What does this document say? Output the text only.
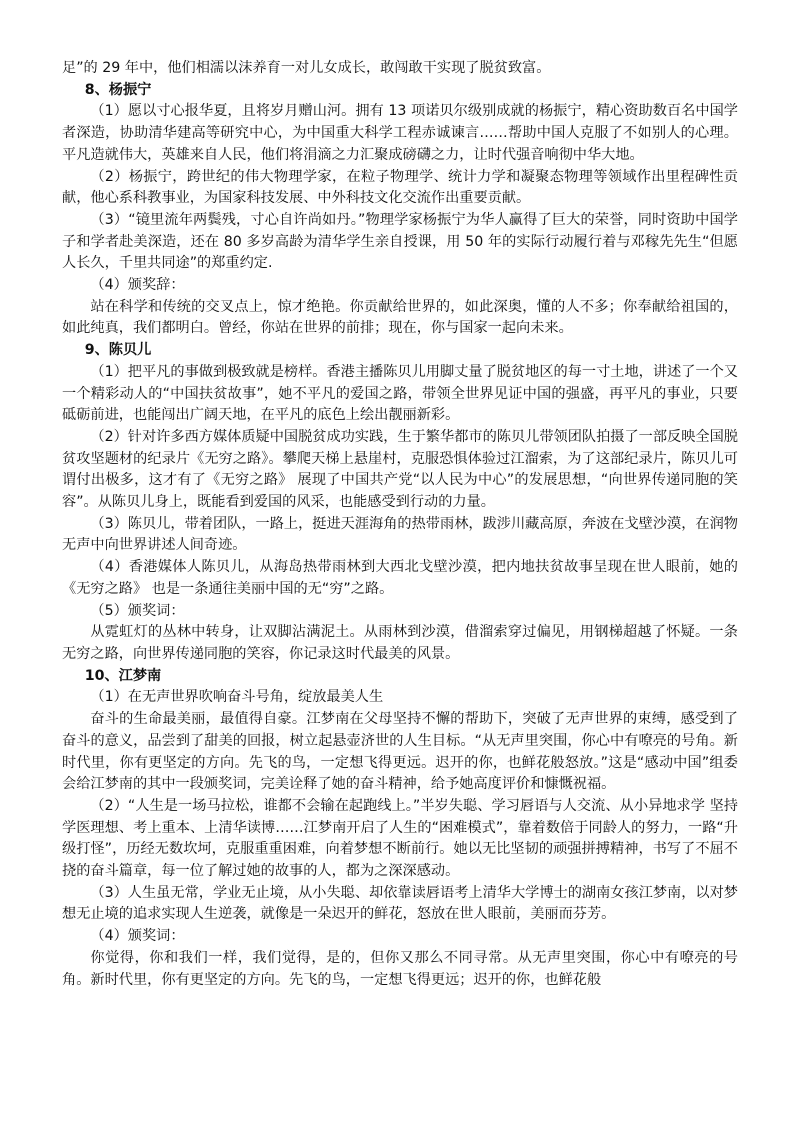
足”的 29 年中，他们相濡以沫养育一对儿女成长，敢闯敢干实现了脱贫致富。

8、杨振宁

（1）愿以寸心报华夏，且将岁月赠山河。拥有 13 项诺贝尔级别成就的杨振宁，精心资助数百名中国学者深造，协助清华建高等研究中心，为中国重大科学工程赤诚谏言……帮助中国人克服了不如别人的心理。平凡造就伟大，英雄来自人民，他们将涓滴之力汇聚成磅礴之力，让时代强音响彻中华大地。

（2）杨振宁，跨世纪的伟大物理学家，在粒子物理学、统计力学和凝聚态物理等领域作出里程碑性贡献，他心系科教事业，为国家科技发展、中外科技文化交流作出重要贡献。

（3）“镜里流年两鬓残，寸心自许尚如丹。”物理学家杨振宁为华人赢得了巨大的荣誉，同时资助中国学子和学者赴美深造，还在 80 多岁高龄为清华学生亲自授课，用 50 年的实际行动履行着与邓稼先先生“但愿人长久，千里共同途”的郑重约定.

（4）颁奖辞：

站在科学和传统的交叉点上，惊才绝艳。你贡献给世界的，如此深奥，懂的人不多；你奉献给祖国的，如此纯真，我们都明白。曾经，你站在世界的前排；现在，你与国家一起向未来。

9、陈贝儿

（1）把平凡的事做到极致就是榜样。香港主播陈贝儿用脚丈量了脱贫地区的每一寸土地，讲述了一个又一个精彩动人的“中国扶贫故事”，她不平凡的爱国之路，带领全世界见证中国的强盛，再平凡的事业，只要砥砺前进，也能闯出广阔天地，在平凡的底色上绘出靓丽新彩。

（2）针对许多西方媒体质疑中国脱贫成功实践，生于繁华都市的陈贝儿带领团队拍摄了一部反映全国脱贫攻坚题材的纪录片《无穷之路》。攀爬天梯上悬崖村，克服恐惧体验过江溜索，为了这部纪录片，陈贝儿可谓付出极多，这才有了《无穷之路》 展现了中国共产党“以人民为中心”的发展思想，“向世界传递同胞的笑容”。从陈贝儿身上，既能看到爱国的风采，也能感受到行动的力量。

（3）陈贝儿，带着团队，一路上，挺进天涯海角的热带雨林，跋涉川藏高原，奔波在戈壁沙漠，在润物无声中向世界讲述人间奇迹。

（4）香港媒体人陈贝儿，从海岛热带雨林到大西北戈壁沙漠，把内地扶贫故事呈现在世人眼前，她的《无穷之路》 也是一条通往美丽中国的无“穷”之路。

（5）颁奖词：

从霓虹灯的丛林中转身，让双脚沾满泥土。从雨林到沙漠，借溜索穿过偏见，用钢梯超越了怀疑。一条无穷之路，向世界传递同胞的笑容，你记录这时代最美的风景。

10、江梦南

（1）在无声世界吹响奋斗号角，绽放最美人生

奋斗的生命最美丽，最值得自豪。江梦南在父母坚持不懈的帮助下，突破了无声世界的束缚，感受到了奋斗的意义，品尝到了甜美的回报，树立起悬壶济世的人生目标。“从无声里突围，你心中有嘹亮的号角。新时代里，你有更坚定的方向。先飞的鸟，一定想飞得更远。迟开的你，也鲜花般怒放。”这是“感动中国”组委会给江梦南的其中一段颁奖词，完美诠释了她的奋斗精神，给予她高度评价和慷慨祝福。

（2）“人生是一场马拉松，谁都不会输在起跑线上。”半岁失聪、学习唇语与人交流、从小异地求学 坚持学医理想、考上重本、上清华读博……江梦南开启了人生的“困难模式”，靠着数倍于同龄人的努力，一路“升级打怪”，历经无数坎坷，克服重重困难，向着梦想不断前行。她以无比坚韧的顽强拼搏精神，书写了不屈不挠的奋斗篇章，每一位了解过她的故事的人，都为之深深感动。

（3）人生虽无常，学业无止境，从小失聪、却依靠读唇语考上清华大学博士的湖南女孩江梦南，以对梦想无止境的追求实现人生逆袭，就像是一朵迟开的鲜花，怒放在世人眼前，美丽而芬芳。

（4）颁奖词：

你觉得，你和我们一样，我们觉得，是的，但你又那么不同寻常。从无声里突围，你心中有嘹亮的号角。新时代里，你有更坚定的方向。先飞的鸟，一定想飞得更远；迟开的你，也鲜花般
